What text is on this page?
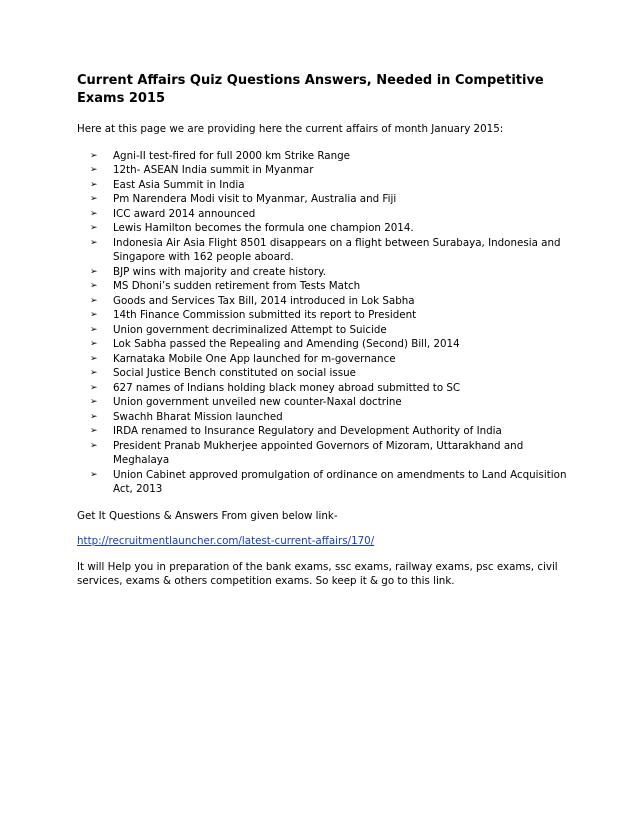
Current Affairs Quiz Questions Answers, Needed in Competitive Exams 2015

Here at this page we are providing here the current affairs of month January 2015:

➢	Agni-II test-fired for full 2000 km Strike Range
➢	12th- ASEAN India summit in Myanmar
➢	East Asia Summit in India
➢	Pm Narendera Modi visit to Myanmar, Australia and Fiji
➢	ICC award 2014 announced
➢	Lewis Hamilton becomes the formula one champion 2014.
➢	Indonesia Air Asia Flight 8501 disappears on a flight between Surabaya, Indonesia and Singapore with 162 people aboard.
➢	BJP wins with majority and create history.
➢	MS Dhoni’s sudden retirement from Tests Match
➢	Goods and Services Tax Bill, 2014 introduced in Lok Sabha
➢	14th Finance Commission submitted its report to President
➢	Union government decriminalized Attempt to Suicide
➢	Lok Sabha passed the Repealing and Amending (Second) Bill, 2014
➢	Karnataka Mobile One App launched for m-governance
➢	Social Justice Bench constituted on social issue
➢	627 names of Indians holding black money abroad submitted to SC
➢	Union government unveiled new counter-Naxal doctrine
➢	Swachh Bharat Mission launched
➢	IRDA renamed to Insurance Regulatory and Development Authority of India
➢	President Pranab Mukherjee appointed Governors of Mizoram, Uttarakhand and Meghalaya
➢	Union Cabinet approved promulgation of ordinance on amendments to Land Acquisition Act, 2013

Get It Questions & Answers From given below link-

http://recruitmentlauncher.com/latest-current-affairs/170/

It will Help you in preparation of the bank exams, ssc exams, railway exams, psc exams, civil services, exams & others competition exams. So keep it & go to this link.
